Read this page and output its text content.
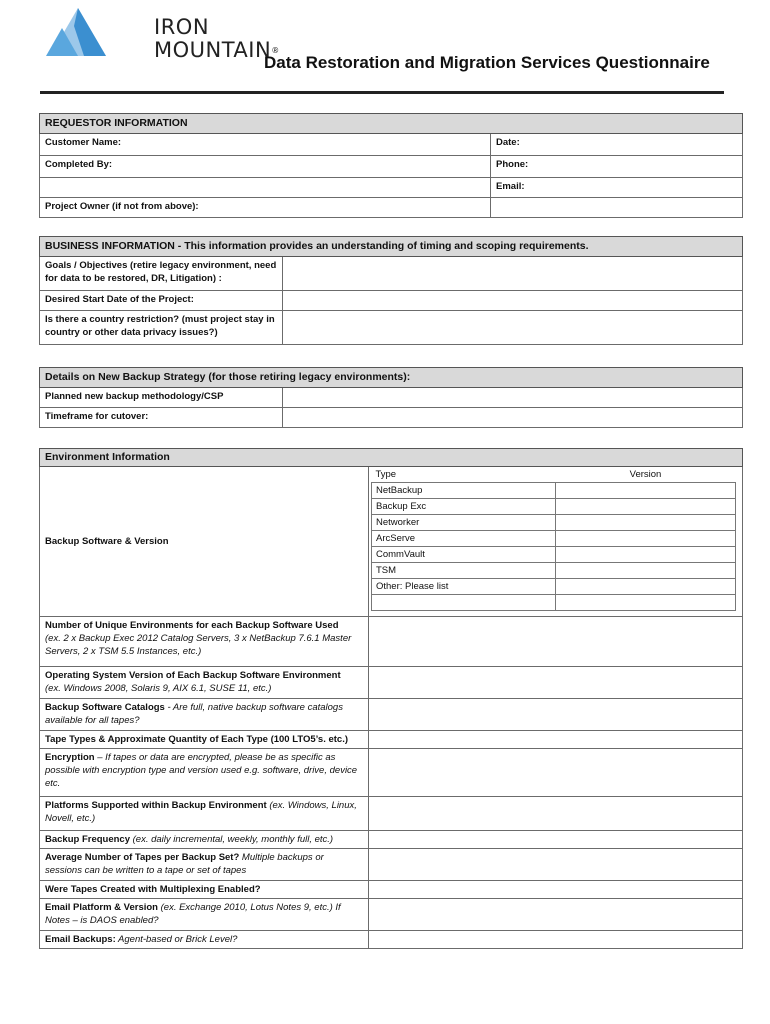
IRON
MOUNTAIN®
Data Restoration and Migration Services Questionnaire
REQUESTOR INFORMATION	
Customer Name:	Date:
Completed By:	Phone:
	Email:
Project Owner (if not from above):	
BUSINESS INFORMATION - This information provides an understanding of timing and scoping requirements.	
Goals / Objectives (retire legacy environment, need for data to be restored, DR, Litigation) :	
Desired Start Date of the Project:	
Is there a country restriction? (must project stay in country or other data privacy issues?)	
Details on New Backup Strategy (for those retiring legacy environments):	
Planned new backup methodology/CSP	
Timeframe for cutover:	
Environment Information
Backup Software & Version	
Type	Version
NetBackup	
Backup Exc	
Networker	
ArcServe	
CommVault	
TSM	
Other: Please list	

Number of Unique Environments for each Backup Software Used
(ex. 2 x Backup Exec 2012 Catalog Servers, 3 x NetBackup 7.6.1 Master Servers, 2 x TSM 5.5 Instances, etc.)	
Operating System Version of Each Backup Software Environment
(ex. Windows 2008, Solaris 9, AIX 6.1, SUSE 11, etc.)	
Backup Software Catalogs - Are full, native backup software catalogs available for all tapes?	
Tape Types & Approximate Quantity of Each Type (100 LTO5’s. etc.)	
Encryption – If tapes or data are encrypted, please be as specific as possible with encryption type and version used e.g. software, drive, device etc.	
Platforms Supported within Backup Environment (ex. Windows, Linux, Novell, etc.)	
Backup Frequency (ex. daily incremental, weekly, monthly full, etc.)	
Average Number of Tapes per Backup Set? Multiple backups or sessions can be written to a tape or set of tapes	
Were Tapes Created with Multiplexing Enabled?	
Email Platform & Version (ex. Exchange 2010, Lotus Notes 9, etc.) If Notes – is DAOS enabled?	
Email Backups: Agent-based or Brick Level?	
